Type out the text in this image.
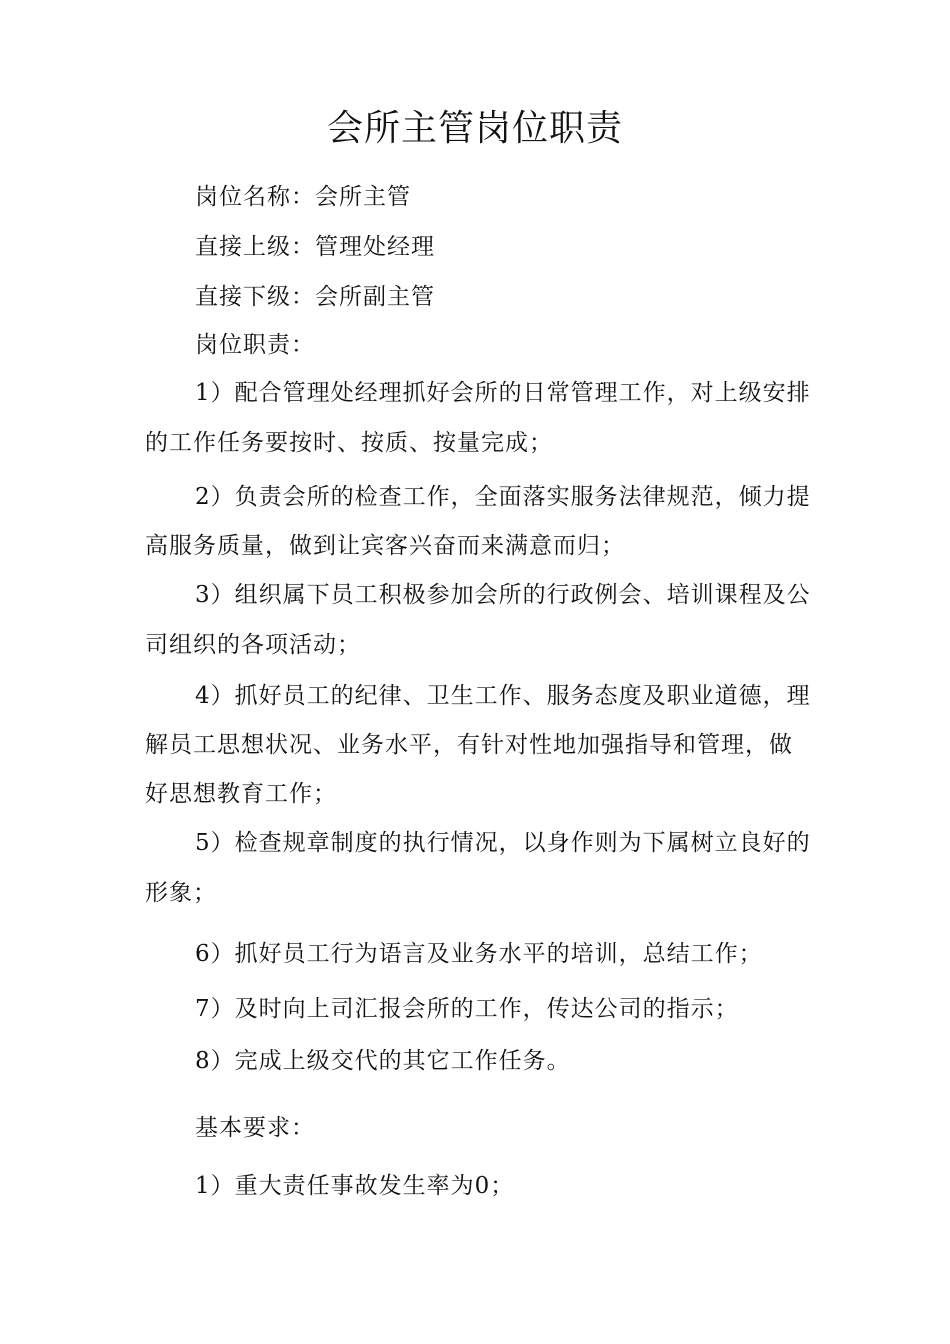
会所主管岗位职责
岗位名称：会所主管
直接上级：管理处经理
直接下级：会所副主管
岗位职责：
1）配合管理处经理抓好会所的日常管理工作，对上级安排
的工作任务要按时、按质、按量完成；
2）负责会所的检查工作，全面落实服务法律规范，倾力提
高服务质量，做到让宾客兴奋而来满意而归；
3）组织属下员工积极参加会所的行政例会、培训课程及公
司组织的各项活动；
4）抓好员工的纪律、卫生工作、服务态度及职业道德，理
解员工思想状况、业务水平，有针对性地加强指导和管理，做
好思想教育工作；
5）检查规章制度的执行情况，以身作则为下属树立良好的
形象；
6）抓好员工行为语言及业务水平的培训，总结工作；
7）及时向上司汇报会所的工作，传达公司的指示；
8）完成上级交代的其它工作任务。
基本要求：
1）重大责任事故发生率为0；
